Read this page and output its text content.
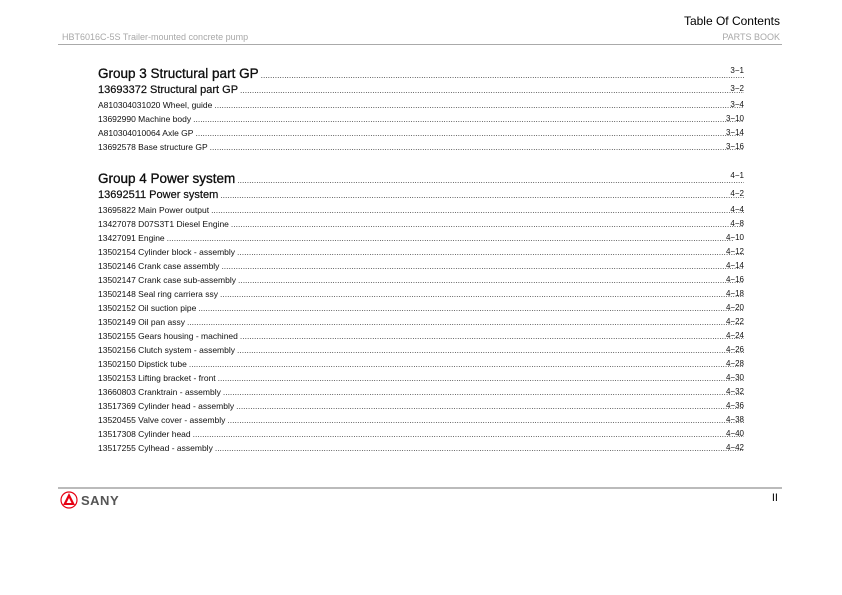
Table Of Contents
HBT6016C-5S Trailer-mounted concrete pump	PARTS BOOK
Group 3 Structural part GP .....	3−1
13693372 Structural part GP .....	3−2
A810304031020 Wheel, guide .....	3−4
13692990 Machine body .....	3−10
A810304010064 Axle GP .....	3−14
13692578 Base structure GP .....	3−16
Group 4 Power system .....	4−1
13692511 Power system .....	4−2
13695822 Main Power output .....	4−4
13427078 D07S3T1 Diesel Engine .....	4−8
13427091 Engine .....	4−10
13502154 Cylinder block - assembly .....	4−12
13502146 Crank case assembly .....	4−14
13502147 Crank case sub-assembly .....	4−16
13502148 Seal ring carriera ssy .....	4−18
13502152 Oil suction pipe .....	4−20
13502149 Oil pan assy .....	4−22
13502155 Gears housing - machined .....	4−24
13502156 Clutch system - assembly .....	4−26
13502150 Dipstick tube .....	4−28
13502153 Lifting bracket - front .....	4−30
13660803 Cranktrain - assembly .....	4−32
13517369 Cylinder head - assembly .....	4−36
13520455 Valve cover - assembly .....	4−38
13517308 Cylinder head .....	4−40
13517255 Cylhead - assembly .....	4−42
SANY	II
